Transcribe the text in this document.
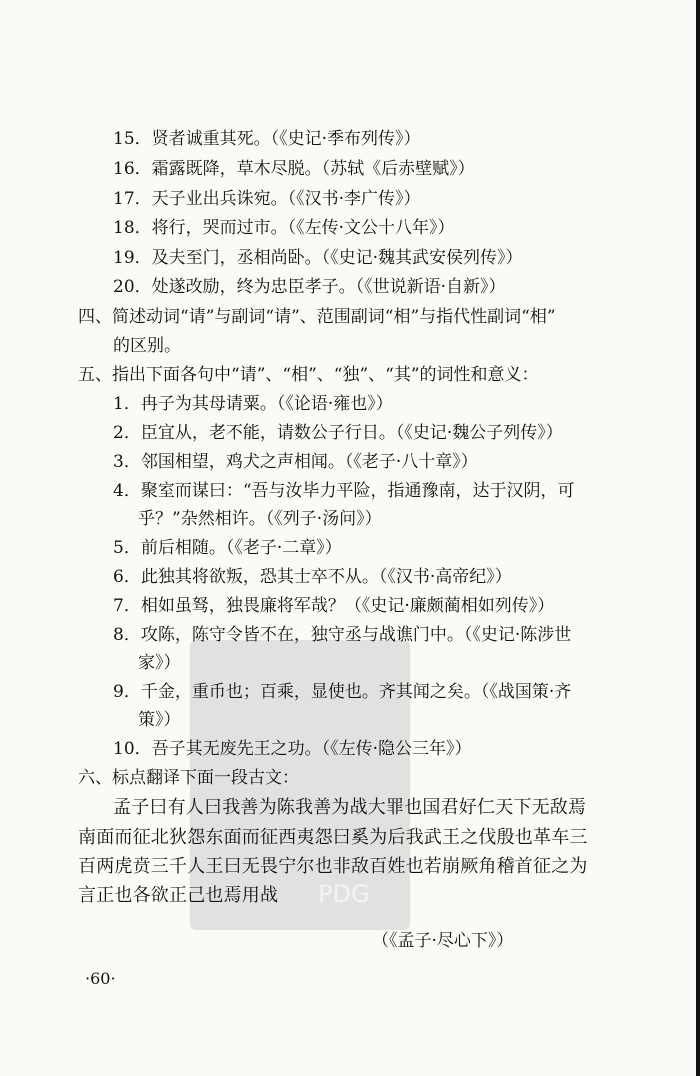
PDG
15．贤者诚重其死。（《史记·季布列传》）
16．霜露既降，草木尽脱。（苏轼《后赤壁赋》）
17．天子业出兵诛宛。（《汉书·李广传》）
18．将行，哭而过市。（《左传·文公十八年》）
19．及夫至门，丞相尚卧。（《史记·魏其武安侯列传》）
20．处遂改励，终为忠臣孝子。（《世说新语·自新》）
四、简述动词“请”与副词“请”、范围副词“相”与指代性副词“相”
的区别。
五、指出下面各句中“请”、“相”、“独”、“其”的词性和意义：
1．冉子为其母请粟。（《论语·雍也》）
2．臣宜从，老不能，请数公子行日。（《史记·魏公子列传》）
3．邻国相望，鸡犬之声相闻。（《老子·八十章》）
4．聚室而谋曰：“吾与汝毕力平险，指通豫南，达于汉阴，可
乎？”杂然相许。（《列子·汤问》）
5．前后相随。（《老子·二章》）
6．此独其将欲叛，恐其士卒不从。（《汉书·高帝纪》）
7．相如虽驽，独畏廉将军哉？（《史记·廉颇蔺相如列传》）
8．攻陈，陈守令皆不在，独守丞与战谯门中。（《史记·陈涉世
家》）
9．千金，重币也；百乘，显使也。齐其闻之矣。（《战国策·齐
策》）
10．吾子其无废先王之功。（《左传·隐公三年》）
六、标点翻译下面一段古文：
孟子曰有人曰我善为陈我善为战大罪也国君好仁天下无敌焉
南面而征北狄怨东面而征西夷怨曰奚为后我武王之伐殷也革车三
百两虎贲三千人王曰无畏宁尔也非敌百姓也若崩厥角稽首征之为
言正也各欲正己也焉用战
（《孟子·尽心下》）
·60·
